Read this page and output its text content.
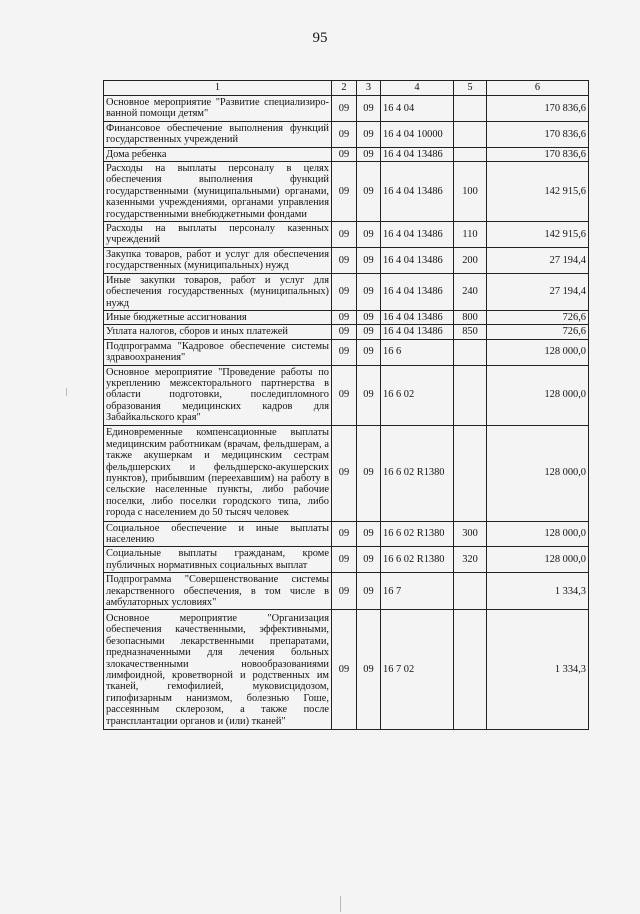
95
1	2	3	4	5	6
Основное мероприятие "Развитие специализиро-ванной помощи детям"	09	09	16 4 04		170 836,6
Финансовое обеспечение выполнения функций государственных учреждений	09	09	16 4 04 10000		170 836,6
Дома ребенка	09	09	16 4 04 13486		170 836,6
Расходы на выплаты персоналу в целях обеспечения выполнения функций государственными (муниципальными) органами, казенными учреждениями, органами управления государственными внебюджетными фондами	09	09	16 4 04 13486	100	142 915,6
Расходы на выплаты персоналу казенных учреждений	09	09	16 4 04 13486	110	142 915,6
Закупка товаров, работ и услуг для обеспечения государственных (муниципальных) нужд	09	09	16 4 04 13486	200	27 194,4
Иные закупки товаров, работ и услуг для обеспечения государственных (муниципальных) нужд	09	09	16 4 04 13486	240	27 194,4
Иные бюджетные ассигнования	09	09	16 4 04 13486	800	726,6
Уплата налогов, сборов и иных платежей	09	09	16 4 04 13486	850	726,6
Подпрограмма "Кадровое обеспечение системы здравоохранения"	09	09	16 6		128 000,0
Основное мероприятие "Проведение работы по укреплению межсекторального партнерства в области подготовки, последипломного образования медицинских кадров для Забайкальского края"	09	09	16 6 02		128 000,0
Единовременные компенсационные выплаты медицинским работникам (врачам, фельдшерам, а также акушеркам и медицинским сестрам фельдшерских и фельдшерско-акушерских пунктов), прибывшим (переехавшим) на работу в сельские населенные пункты, либо рабочие поселки, либо поселки городского типа, либо города с населением до 50 тысяч человек	09	09	16 6 02 R1380		128 000,0
Социальное обеспечение и иные выплаты населению	09	09	16 6 02 R1380	300	128 000,0
Социальные выплаты гражданам, кроме публичных нормативных социальных выплат	09	09	16 6 02 R1380	320	128 000,0
Подпрограмма "Совершенствование системы лекарственного обеспечения, в том числе в амбулаторных условиях"	09	09	16 7		1 334,3
Основное мероприятие "Организация обеспечения качественными, эффективными, безопасными лекарственными препаратами, предназначенными для лечения больных злокачественными новообразованиями лимфоидной, кроветворной и родственных им тканей, гемофилией, муковисцидозом, гипофизарным нанизмом, болезнью Гоше, рассеянным склерозом, а также после трансплантации органов и (или) тканей"	09	09	16 7 02		1 334,3
